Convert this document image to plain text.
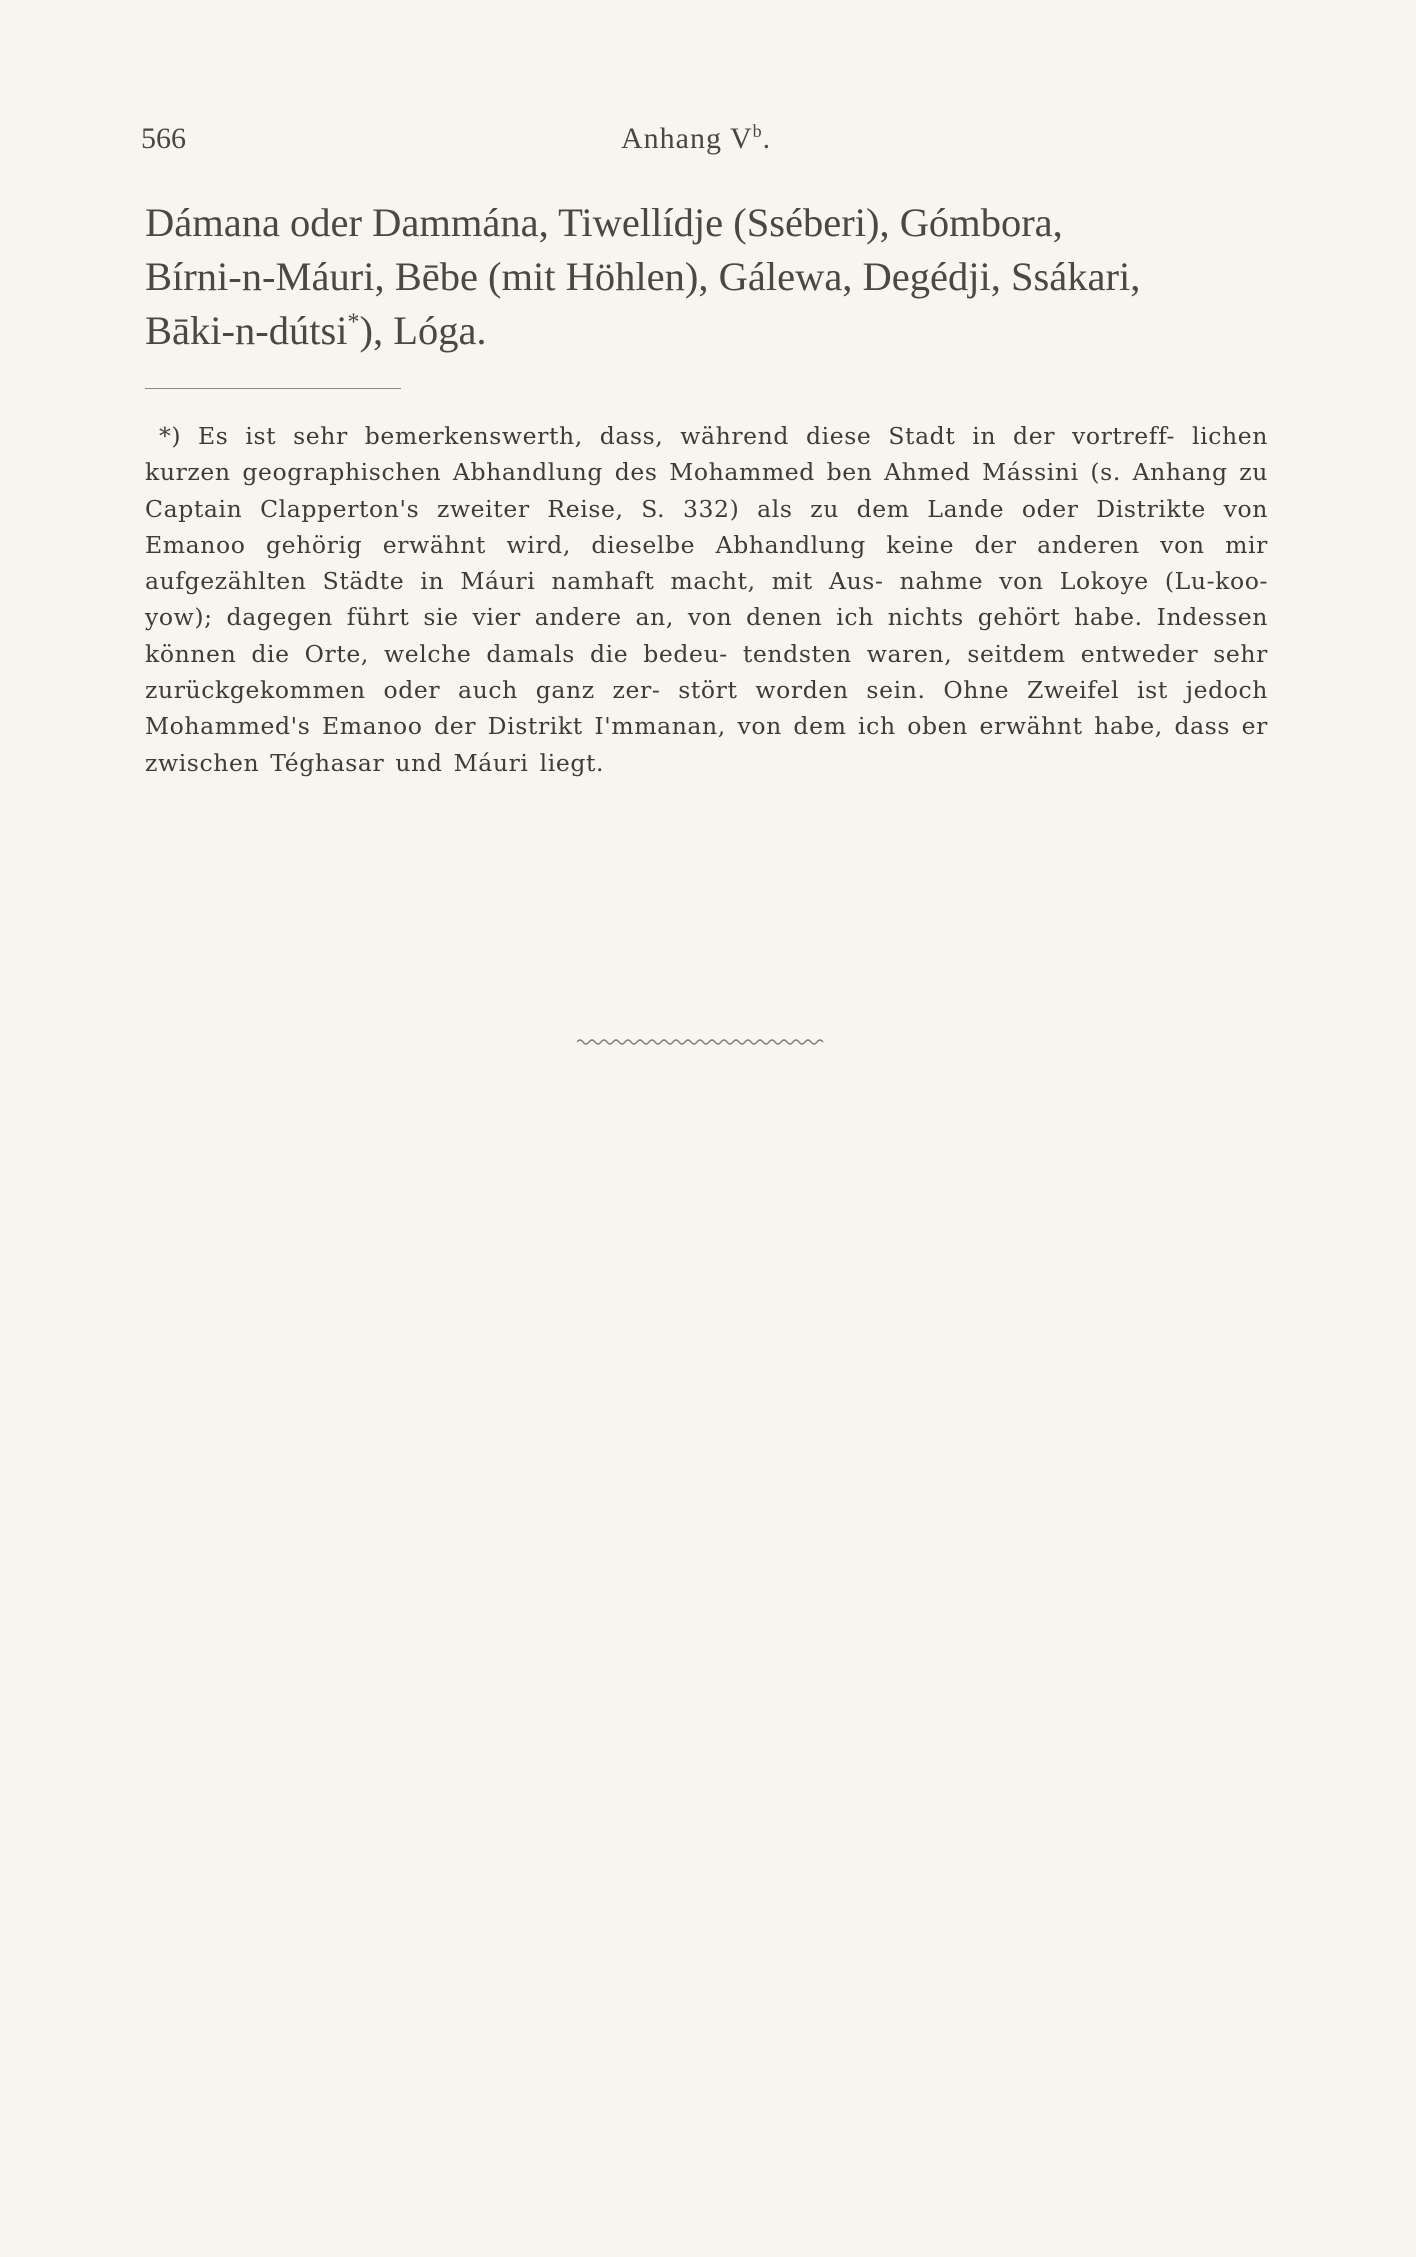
566	Anhang $V^b$.

Dámana oder Dammána, Tiwellídje (Sséberi), Gómbora,
Bírni-n-Máuri, Bēbe (mit Höhlen), Gálewa, Degédji, Ssákari,
Bāki-n-dútsi*), Lóga.

*) Es ist sehr bemerkenswerth, dass, während diese Stadt in der vortreff- lichen kurzen geographischen Abhandlung des Mohammed ben Ahmed Mássini (s. Anhang zu Captain Clapperton's zweiter Reise, S. 332) als zu dem Lande oder Distrikte von Emanoo gehörig erwähnt wird, dieselbe Abhandlung keine der anderen von mir aufgezählten Städte in Máuri namhaft macht, mit Aus- nahme von Lokoye (Lu-koo-yow); dagegen führt sie vier andere an, von denen ich nichts gehört habe. Indessen können die Orte, welche damals die bedeu- tendsten waren, seitdem entweder sehr zurückgekommen oder auch ganz zer- stört worden sein. Ohne Zweifel ist jedoch Mohammed's Emanoo der Distrikt I'mmanan, von dem ich oben erwähnt habe, dass er zwischen Téghasar und Máuri liegt.
